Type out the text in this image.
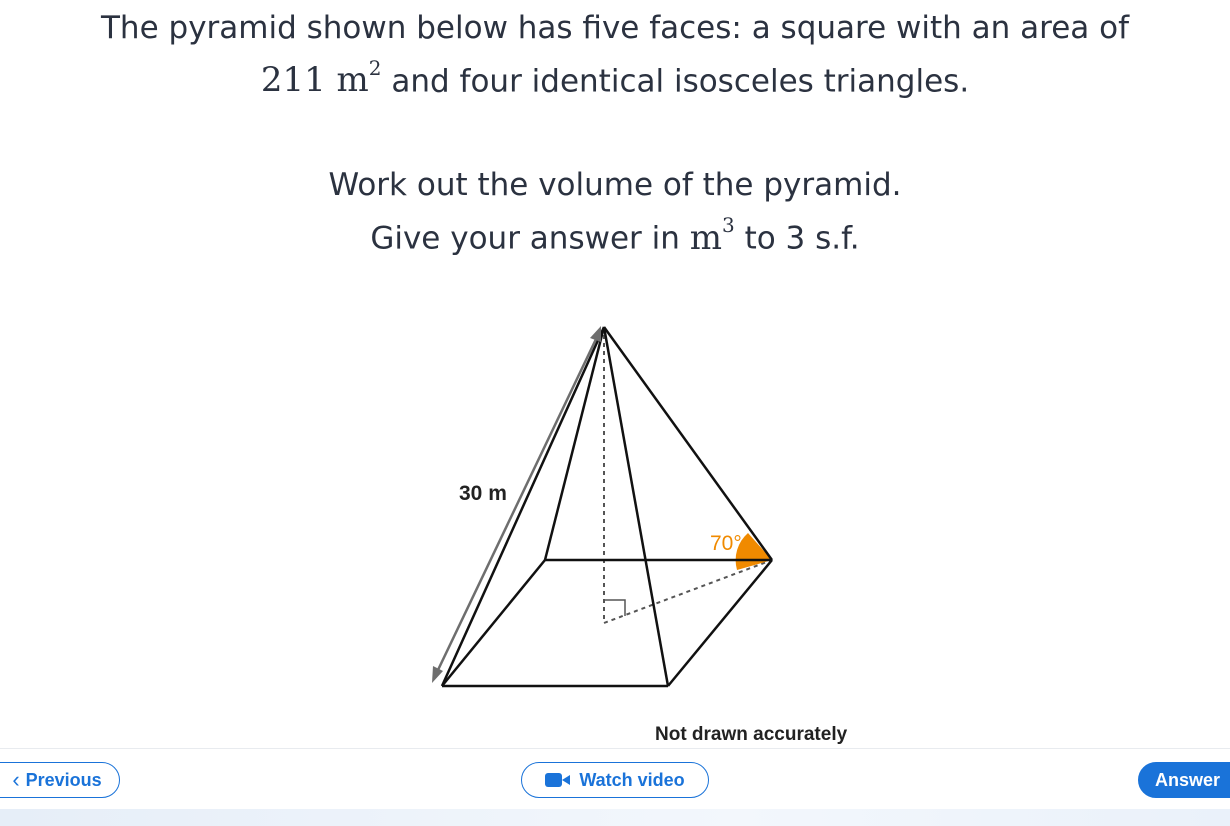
The pyramid shown below has five faces: a square with an area of

211 $m^2$ and four identical isosceles triangles.

Work out the volume of the pyramid.

Give your answer in $m^3$ to 3 s.f.

30 m
70°
Not drawn accurately
‹ Previous	Watch video	Answer
